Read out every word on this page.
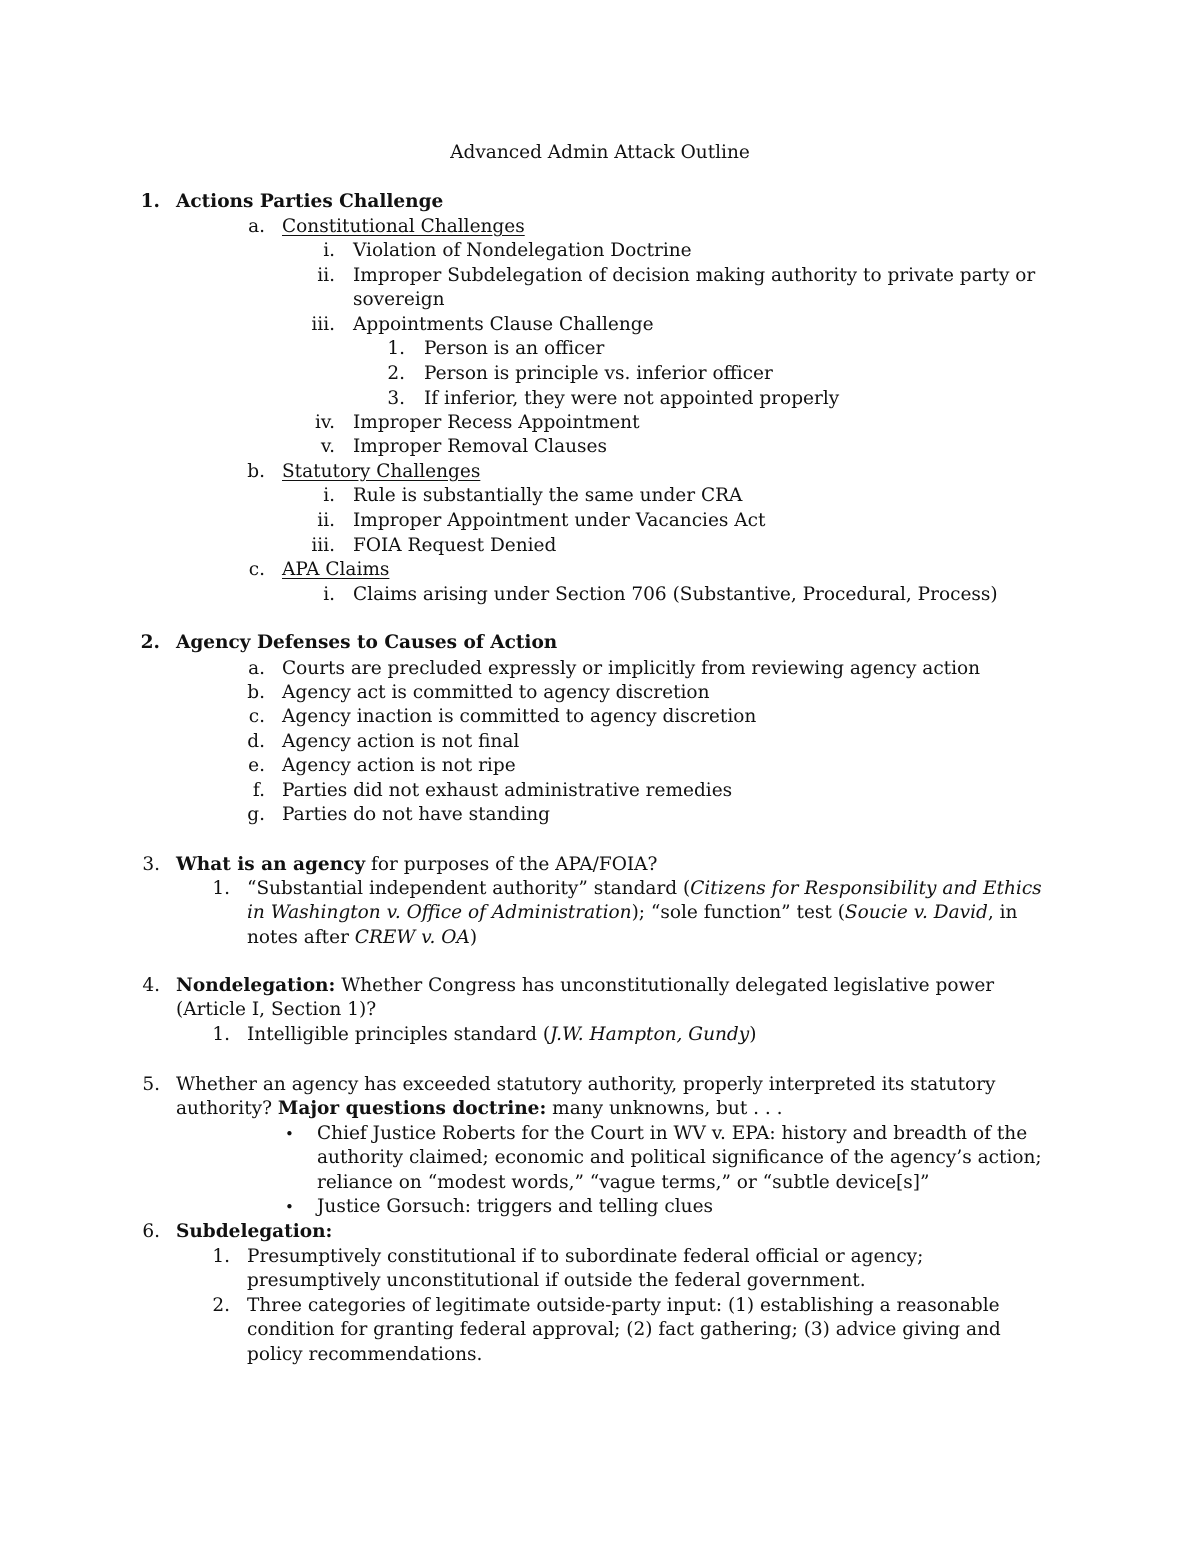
Advanced Admin Attack Outline
1. Actions Parties Challenge
a. Constitutional Challenges
i. Violation of Nondelegation Doctrine
ii. Improper Subdelegation of decision making authority to private party or
sovereign
iii. Appointments Clause Challenge
1. Person is an officer
2. Person is principle vs. inferior officer
3. If inferior, they were not appointed properly
iv. Improper Recess Appointment
v. Improper Removal Clauses
b. Statutory Challenges
i. Rule is substantially the same under CRA
ii. Improper Appointment under Vacancies Act
iii. FOIA Request Denied
c. APA Claims
i. Claims arising under Section 706 (Substantive, Procedural, Process)
2. Agency Defenses to Causes of Action
a. Courts are precluded expressly or implicitly from reviewing agency action
b. Agency act is committed to agency discretion
c. Agency inaction is committed to agency discretion
d. Agency action is not final
e. Agency action is not ripe
f. Parties did not exhaust administrative remedies
g. Parties do not have standing
3. What is an agency for purposes of the APA/FOIA?
1. “Substantial independent authority” standard (Citizens for Responsibility and Ethics
in Washington v. Office of Administration); “sole function” test (Soucie v. David, in
notes after CREW v. OA)
4. Nondelegation: Whether Congress has unconstitutionally delegated legislative power
(Article I, Section 1)?
1. Intelligible principles standard (J.W. Hampton, Gundy)
5. Whether an agency has exceeded statutory authority, properly interpreted its statutory
authority? Major questions doctrine: many unknowns, but . . .
• Chief Justice Roberts for the Court in WV v. EPA: history and breadth of the
authority claimed; economic and political significance of the agency’s action;
reliance on “modest words,” “vague terms,” or “subtle device[s]”
• Justice Gorsuch: triggers and telling clues
6. Subdelegation:
1. Presumptively constitutional if to subordinate federal official or agency;
presumptively unconstitutional if outside the federal government.
2. Three categories of legitimate outside-party input: (1) establishing a reasonable
condition for granting federal approval; (2) fact gathering; (3) advice giving and
policy recommendations.
